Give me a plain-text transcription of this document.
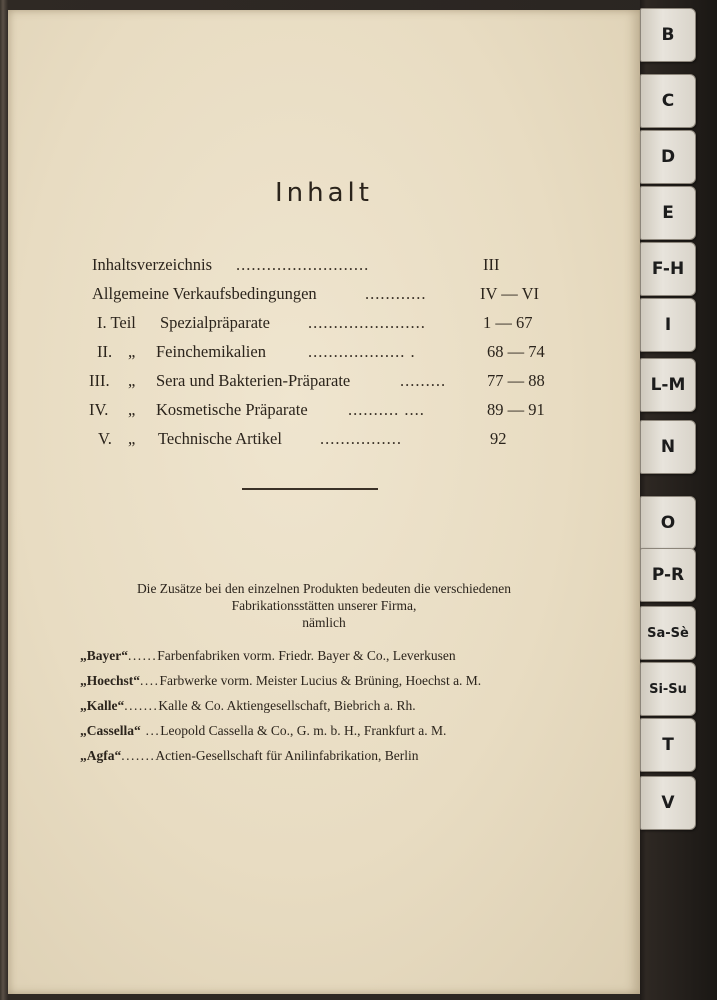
Inhalt
Inhaltsverzeichnis ..........................	III
Allgemeine Verkaufsbedingungen	............	IV — VI
I. Teil Spezialpräparate .......................	1 — 67
II. „ Feinchemikalien	................... .	68 — 74
III. „ Sera und Bakterien-Präparate	......... 77 — 88
IV. „ Kosmetische Präparate .......... ....	89 — 91
V. „ Technische Artikel ................	92
Die Zusätze bei den einzelnen Produkten bedeuten die verschiedenen
Fabrikationsstätten unserer Firma,
nämlich
„Bayer“......Farbenfabriken vorm. Friedr. Bayer & Co., Leverkusen
„Hoechst“....Farbwerke vorm. Meister Lucius & Brüning, Hoechst a. M.
„Kalle“.......Kalle & Co. Aktiengesellschaft, Biebrich a. Rh.
„Cassella“ ...Leopold Cassella & Co., G. m. b. H., Frankfurt a. M.
„Agfa“.......Actien-Gesellschaft für Anilinfabrikation, Berlin
B
C
D
E
F-H
I
L-M
N
O
P-R
Sa-Sè
Si-Su
T
V
